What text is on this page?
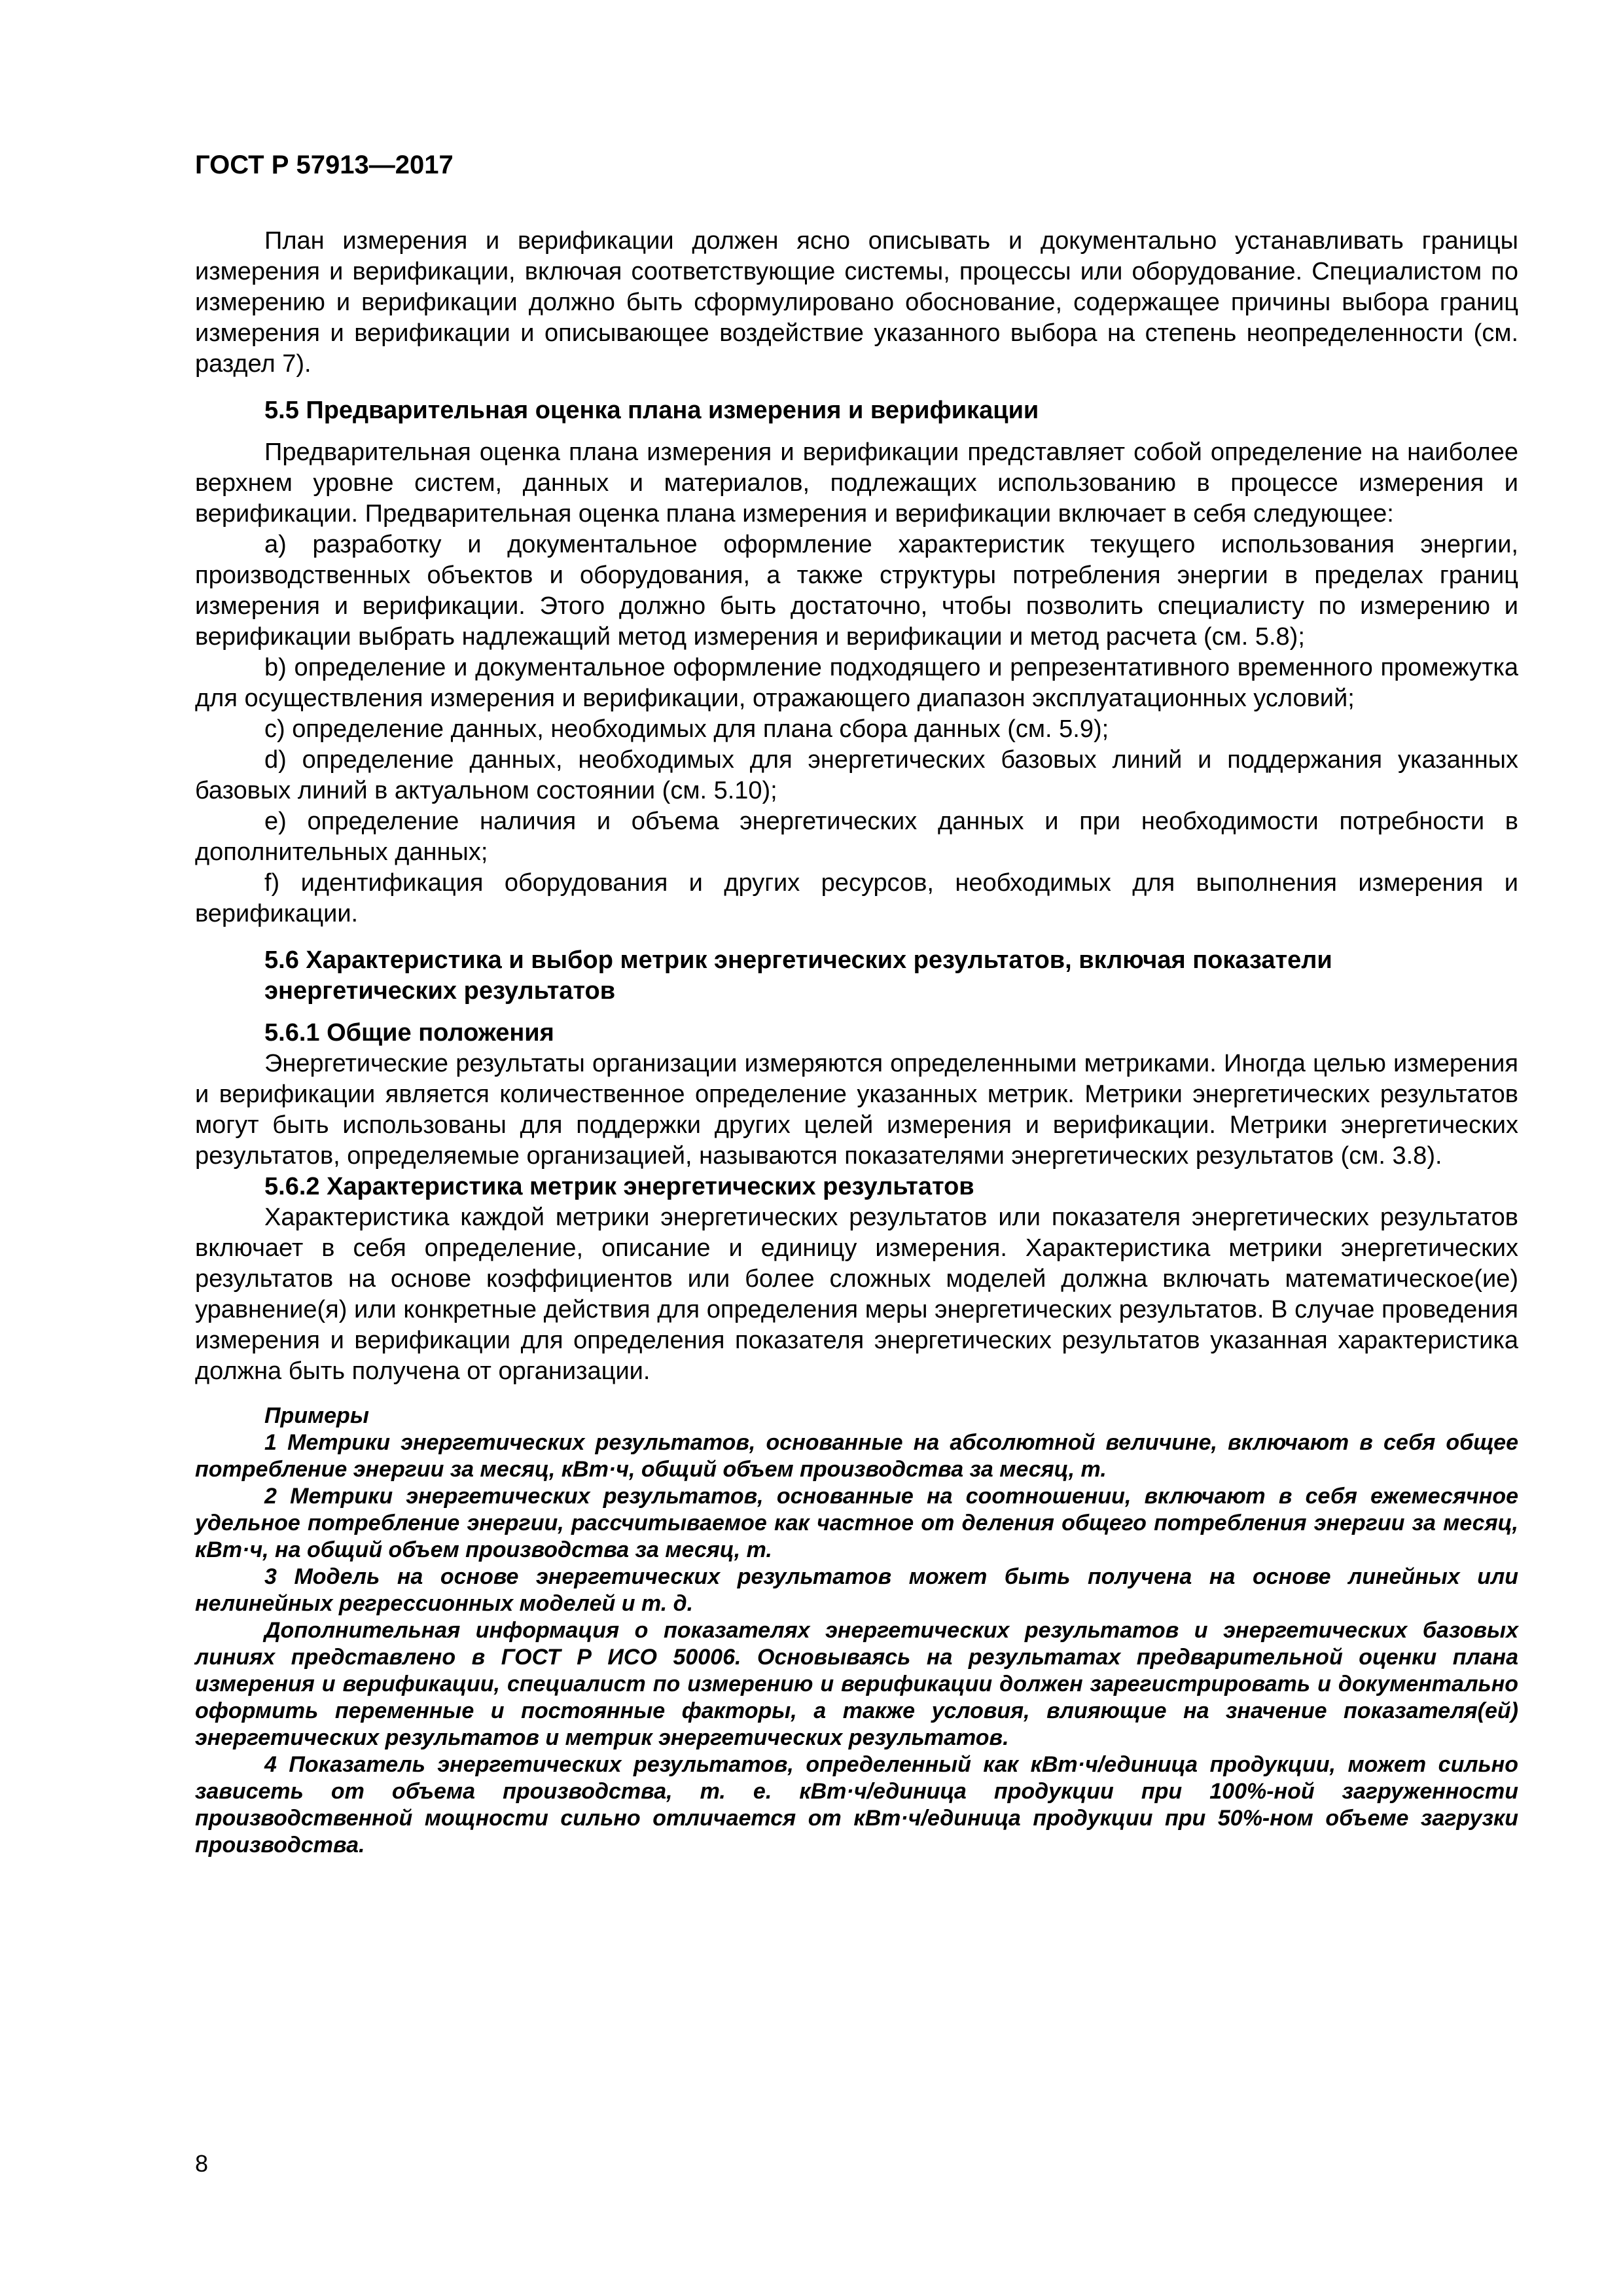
ГОСТ Р 57913—2017

План измерения и верификации должен ясно описывать и документально устанавливать границы измерения и верификации, включая соответствующие системы, процессы или оборудование. Специалистом по измерению и верификации должно быть сформулировано обоснование, содержащее причины выбора границ измерения и верификации и описывающее воздействие указанного выбора на степень неопределенности (см. раздел 7).

5.5 Предварительная оценка плана измерения и верификации

Предварительная оценка плана измерения и верификации представляет собой определение на наиболее верхнем уровне систем, данных и материалов, подлежащих использованию в процессе измерения и верификации. Предварительная оценка плана измерения и верификации включает в себя следующее:

a) разработку и документальное оформление характеристик текущего использования энергии, производственных объектов и оборудования, а также структуры потребления энергии в пределах границ измерения и верификации. Этого должно быть достаточно, чтобы позволить специалисту по измерению и верификации выбрать надлежащий метод измерения и верификации и метод расчета (см. 5.8);

b) определение и документальное оформление подходящего и репрезентативного временного промежутка для осуществления измерения и верификации, отражающего диапазон эксплуатационных условий;

c) определение данных, необходимых для плана сбора данных (см. 5.9);

d) определение данных, необходимых для энергетических базовых линий и поддержания указанных базовых линий в актуальном состоянии (см. 5.10);

e) определение наличия и объема энергетических данных и при необходимости потребности в дополнительных данных;

f) идентификация оборудования и других ресурсов, необходимых для выполнения измерения и верификации.

5.6 Характеристика и выбор метрик энергетических результатов, включая показатели энергетических результатов
5.6.1 Общие положения

Энергетические результаты организации измеряются определенными метриками. Иногда целью измерения и верификации является количественное определение указанных метрик. Метрики энергетических результатов могут быть использованы для поддержки других целей измерения и верификации. Метрики энергетических результатов, определяемые организацией, называются показателями энергетических результатов (см. 3.8).

5.6.2 Характеристика метрик энергетических результатов

Характеристика каждой метрики энергетических результатов или показателя энергетических результатов включает в себя определение, описание и единицу измерения. Характеристика метрики энергетических результатов на основе коэффициентов или более сложных моделей должна включать математическое(ие) уравнение(я) или конкретные действия для определения меры энергетических результатов. В случае проведения измерения и верификации для определения показателя энергетических результатов указанная характеристика должна быть получена от организации.

Примеры

1 Метрики энергетических результатов, основанные на абсолютной величине, включают в себя общее потребление энергии за месяц, кВт·ч, общий объем производства за месяц, т.

2 Метрики энергетических результатов, основанные на соотношении, включают в себя ежемесячное удельное потребление энергии, рассчитываемое как частное от деления общего потребления энергии за месяц, кВт·ч, на общий объем производства за месяц, т.

3 Модель на основе энергетических результатов может быть получена на основе линейных или нелинейных регрессионных моделей и т. д.

Дополнительная информация о показателях энергетических результатов и энергетических базовых линиях представлено в ГОСТ Р ИСО 50006. Основываясь на результатах предварительной оценки плана измерения и верификации, специалист по измерению и верификации должен зарегистрировать и документально оформить переменные и постоянные факторы, а также условия, влияющие на значение показателя(ей) энергетических результатов и метрик энергетических результатов.

4 Показатель энергетических результатов, определенный как кВт·ч/единица продукции, может сильно зависеть от объема производства, т. е. кВт·ч/единица продукции при 100%-ной загруженности производственной мощности сильно отличается от кВт·ч/единица продукции при 50%-ном объеме загрузки производства.

8
